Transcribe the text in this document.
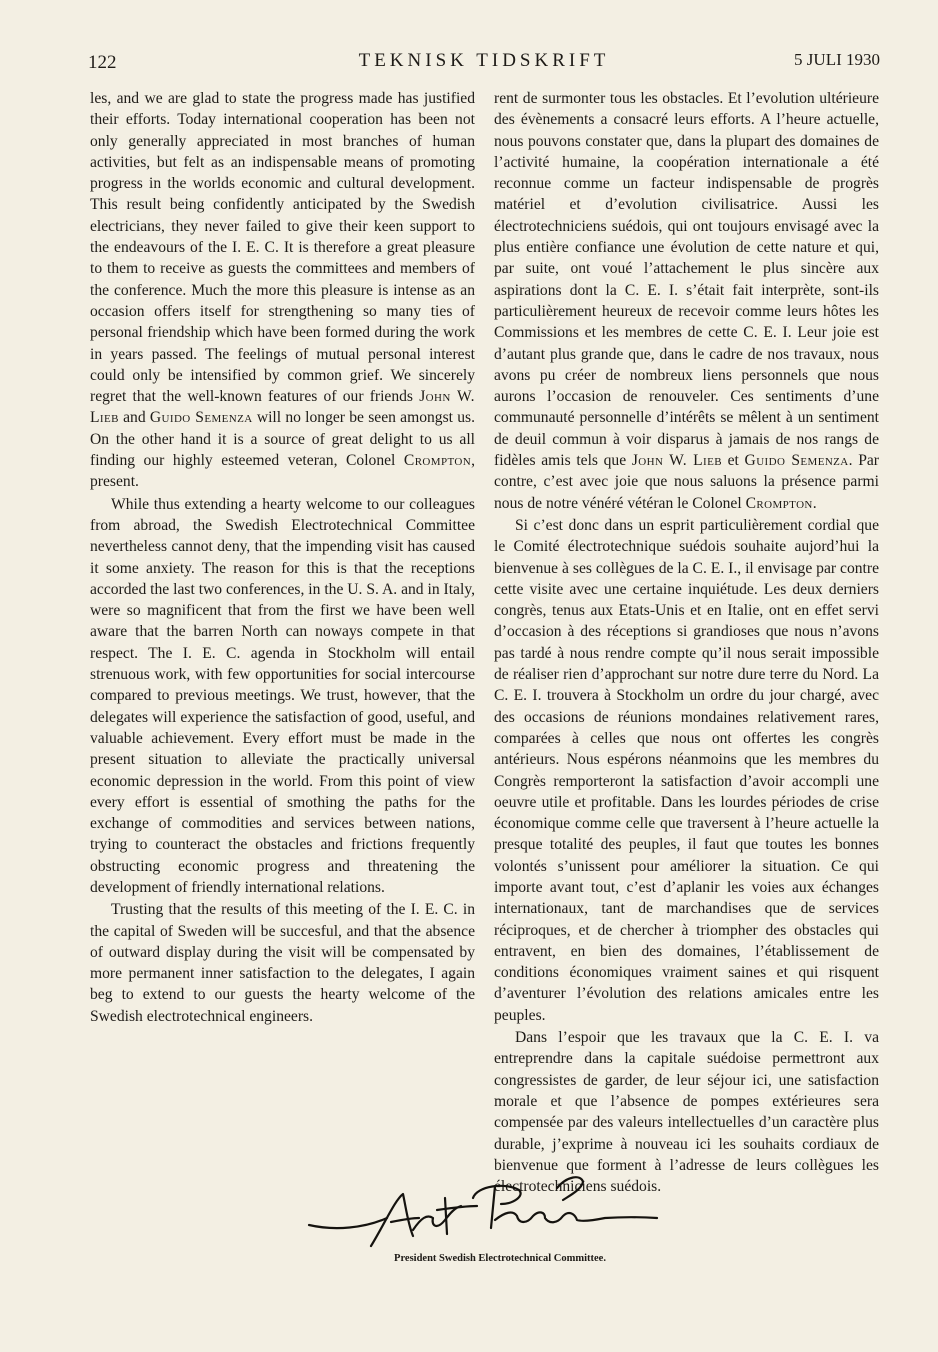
122	TEKNISK TIDSKRIFT	5 JULI 1930

les, and we are glad to state the progress made has justified their efforts. Today international cooperation has been not only generally appreciated in most branches of human activities, but felt as an indispensable means of promoting progress in the worlds economic and cultural development. This result being confidently anticipated by the Swedish electricians, they never failed to give their keen support to the endeavours of the I. E. C. It is therefore a great pleasure to them to receive as guests the committees and members of the conference. Much the more this pleasure is intense as an occasion offers itself for strengthening so many ties of personal friendship which have been formed during the work in years passed. The feelings of mutual personal interest could only be intensified by common grief. We sincerely regret that the well-known features of our friends John W. Lieb and Guido Semenza will no longer be seen amongst us. On the other hand it is a source of great delight to us all finding our highly esteemed veteran, Colonel Crompton, present.

While thus extending a hearty welcome to our colleagues from abroad, the Swedish Electrotechnical Committee nevertheless cannot deny, that the impending visit has caused it some anxiety. The reason for this is that the receptions accorded the last two conferences, in the U. S. A. and in Italy, were so magnificent that from the first we have been well aware that the barren North can noways compete in that respect. The I. E. C. agenda in Stockholm will entail strenuous work, with few opportunities for social intercourse compared to previous meetings. We trust, however, that the delegates will experience the satisfaction of good, useful, and valuable achievement. Every effort must be made in the present situation to alleviate the practically universal economic depression in the world. From this point of view every effort is essential of smothing the paths for the exchange of commodities and services between nations, trying to counteract the obstacles and frictions frequently obstructing economic progress and threatening the development of friendly international relations.

Trusting that the results of this meeting of the I. E. C. in the capital of Sweden will be succesful, and that the absence of outward display during the visit will be compensated by more permanent inner satisfaction to the delegates, I again beg to extend to our guests the hearty welcome of the Swedish electrotechnical engineers.

rent de surmonter tous les obstacles. Et l’evolution ultérieure des évènements a consacré leurs efforts. A l’heure actuelle, nous pouvons constater que, dans la plupart des domaines de l’activité humaine, la coopération internationale a été reconnue comme un facteur indispensable de progrès matériel et d’evolution civilisatrice. Aussi les électrotechniciens suédois, qui ont toujours envisagé avec la plus entière confiance une évolution de cette nature et qui, par suite, ont voué l’attachement le plus sincère aux aspirations dont la C. E. I. s’était fait interprète, sont-ils particulièrement heureux de recevoir comme leurs hôtes les Commissions et les membres de cette C. E. I. Leur joie est d’autant plus grande que, dans le cadre de nos travaux, nous avons pu créer de nombreux liens personnels que nous aurons l’occasion de renouveler. Ces sentiments d’une communauté personnelle d’intérêts se mêlent à un sentiment de deuil commun à voir disparus à jamais de nos rangs de fidèles amis tels que John W. Lieb et Guido Semenza. Par contre, c’est avec joie que nous saluons la présence parmi nous de notre vénéré vétéran le Colonel Crompton.

Si c’est donc dans un esprit particulièrement cordial que le Comité électrotechnique suédois souhaite aujord’hui la bienvenue à ses collègues de la C. E. I., il envisage par contre cette visite avec une certaine inquiétude. Les deux derniers congrès, tenus aux Etats-Unis et en Italie, ont en effet servi d’occasion à des réceptions si grandioses que nous n’avons pas tardé à nous rendre compte qu’il nous serait impossible de réaliser rien d’approchant sur notre dure terre du Nord. La C. E. I. trouvera à Stockholm un ordre du jour chargé, avec des occasions de réunions mondaines relativement rares, comparées à celles que nous ont offertes les congrès antérieurs. Nous espérons néanmoins que les membres du Congrès remporteront la satisfaction d’avoir accompli une oeuvre utile et profitable. Dans les lourdes périodes de crise économique comme celle que traversent à l’heure actuelle la presque totalité des peuples, il faut que toutes les bonnes volontés s’unissent pour améliorer la situation. Ce qui importe avant tout, c’est d’aplanir les voies aux échanges internationaux, tant de marchandises que de services réciproques, et de chercher à triompher des obstacles qui entravent, en bien des domaines, l’établissement de conditions économiques vraiment saines et qui risquent d’aventurer l’évolution des relations amicales entre les peuples.

Dans l’espoir que les travaux que la C. E. I. va entreprendre dans la capitale suédoise permettront aux congressistes de garder, de leur séjour ici, une satisfaction morale et que l’absence de pompes extérieures sera compensée par des valeurs intellectuelles d’un caractère plus durable, j’exprime à nouveau ici les souhaits cordiaux de bienvenue que forment à l’adresse de leurs collègues les électrotechniciens suédois.

President Swedish Electrotechnical Committee.
